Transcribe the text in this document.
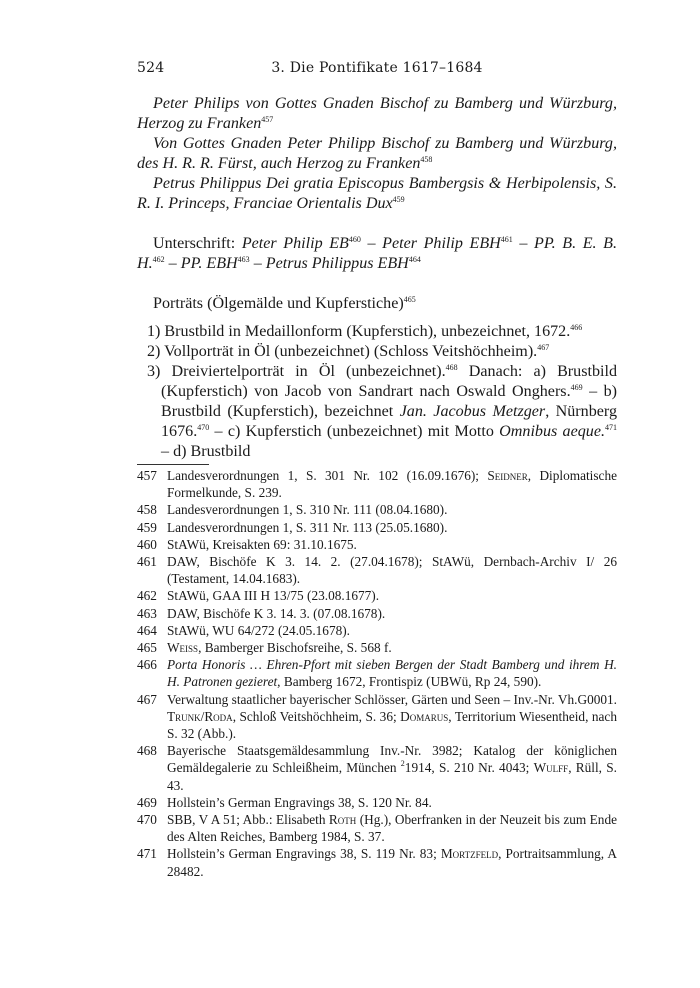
524	3. Die Pontifikate 1617–1684

Peter Philips von Gottes Gnaden Bischof zu Bamberg und Würzburg, Herzog zu Franken$^{457}$

Von Gottes Gnaden Peter Philipp Bischof zu Bamberg und Würzburg, des H. R. R. Fürst, auch Herzog zu Franken$^{458}$

Petrus Philippus Dei gratia Episcopus Bambergsis & Herbipolensis, S. R. I. Princeps, Franciae Orientalis Dux$^{459}$

Unterschrift: Peter Philip EB$^{460}$ – Peter Philip EBH$^{461}$ – PP. B. E. B. H.$^{462}$ – PP. EBH$^{463}$ – Petrus Philippus EBH$^{464}$

Porträts (Ölgemälde und Kupferstiche)$^{465}$

1) Brustbild in Medaillonform (Kupferstich), unbezeichnet, 1672.$^{466}$

2) Vollporträt in Öl (unbezeichnet) (Schloss Veitshöchheim).$^{467}$

3) Dreiviertelporträt in Öl (unbezeichnet).$^{468}$ Danach: a) Brustbild (Kupferstich) von Jacob von Sandrart nach Oswald Onghers.$^{469}$ – b) Brustbild (Kupferstich), bezeichnet Jan. Jacobus Metzger, Nürnberg 1676.$^{470}$ – c) Kupferstich (unbezeichnet) mit Motto Omnibus aeque.$^{471}$ – d) Brustbild

457 Landesverordnungen 1, S. 301 Nr. 102 (16.09.1676); Seidner, Diplomatische Formelkunde, S. 239.

458 Landesverordnungen 1, S. 310 Nr. 111 (08.04.1680).

459 Landesverordnungen 1, S. 311 Nr. 113 (25.05.1680).

460 StAWü, Kreisakten 69: 31.10.1675.

461 DAW, Bischöfe K 3. 14. 2. (27.04.1678); StAWü, Dernbach-Archiv I/ 26 (Testament, 14.04.1683).

462 StAWü, GAA III H 13/75 (23.08.1677).

463 DAW, Bischöfe K 3. 14. 3. (07.08.1678).

464 StAWü, WU 64/272 (24.05.1678).

465 Weiss, Bamberger Bischofsreihe, S. 568 f.

466 Porta Honoris … Ehren-Pfort mit sieben Bergen der Stadt Bamberg und ihrem H. H. Patronen gezieret, Bamberg 1672, Frontispiz (UBWü, Rp 24, 590).

467 Verwaltung staatlicher bayerischer Schlösser, Gärten und Seen – Inv.-Nr. Vh.G0001. Trunk/Roda, Schloß Veitshöchheim, S. 36; Domarus, Territorium Wiesentheid, nach S. 32 (Abb.).

468 Bayerische Staatsgemäldesammlung Inv.-Nr. 3982; Katalog der königlichen Gemäldegalerie zu Schleißheim, München $^2$1914, S. 210 Nr. 4043; Wulff, Rüll, S. 43.

469 Hollstein’s German Engravings 38, S. 120 Nr. 84.

470 SBB, V A 51; Abb.: Elisabeth Roth (Hg.), Oberfranken in der Neuzeit bis zum Ende des Alten Reiches, Bamberg 1984, S. 37.

471 Hollstein’s German Engravings 38, S. 119 Nr. 83; Mortzfeld, Portraitsammlung, A 28482.
